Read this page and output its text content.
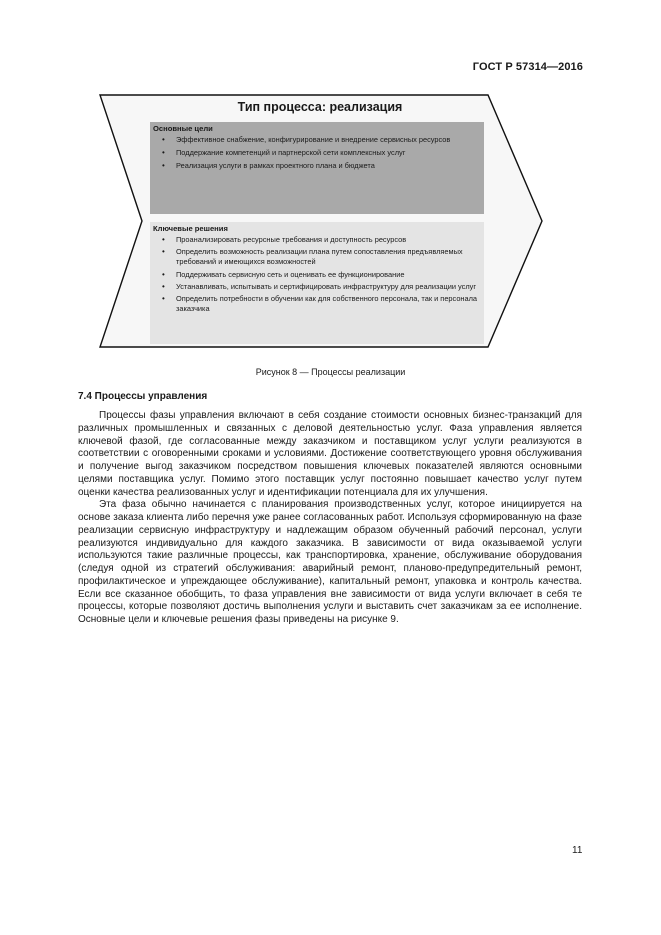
ГОСТ Р 57314—2016
Тип процесса: реализация
Основные цели
• Эффективное снабжение, конфигурирование и внедрение сервисных ресурсов
• Поддержание компетенций и партнерской сети комплексных услуг
• Реализация услуги в рамках проектного плана и бюджета
Ключевые решения
• Проанализировать ресурсные требования и доступность ресурсов
• Определить возможность реализации плана путем сопоставления предъявляемых требований и имеющихся возможностей
• Поддерживать сервисную сеть и оценивать ее функционирование
• Устанавливать, испытывать и сертифицировать инфраструктуру для реализации услуг
• Определить потребности в обучении как для собственного персонала, так и персонала заказчика
Рисунок 8 — Процессы реализации
7.4 Процессы управления

Процессы фазы управления включают в себя создание стоимости основных бизнес-транзакций для различных промышленных и связанных с деловой деятельностью услуг. Фаза управления является ключевой фазой, где согласованные между заказчиком и поставщиком услуг услуги реализуются в соответствии с оговоренными сроками и условиями. Достижение соответствующего уровня обслуживания и получение выгод заказчиком посредством повышения ключевых показателей являются основными целями поставщика услуг. Помимо этого поставщик услуг постоянно повышает качество услуг путем оценки качества реализованных услуг и идентификации потенциала для их улучшения.

Эта фаза обычно начинается с планирования производственных услуг, которое инициируется на основе заказа клиента либо перечня уже ранее согласованных работ. Используя сформированную на фазе реализации сервисную инфраструктуру и надлежащим образом обученный рабочий персонал, услуги реализуются индивидуально для каждого заказчика. В зависимости от вида оказываемой услуги используются такие различные процессы, как транспортировка, хранение, обслуживание оборудования (следуя одной из стратегий обслуживания: аварийный ремонт, планово-предупредительный ремонт, профилактическое и упреждающее обслуживание), капитальный ремонт, упаковка и контроль качества. Если все сказанное обобщить, то фаза управления вне зависимости от вида услуги включает в себя те процессы, которые позволяют достичь выполнения услуги и выставить счет заказчикам за ее исполнение. Основные цели и ключевые решения фазы приведены на рисунке 9.

11
